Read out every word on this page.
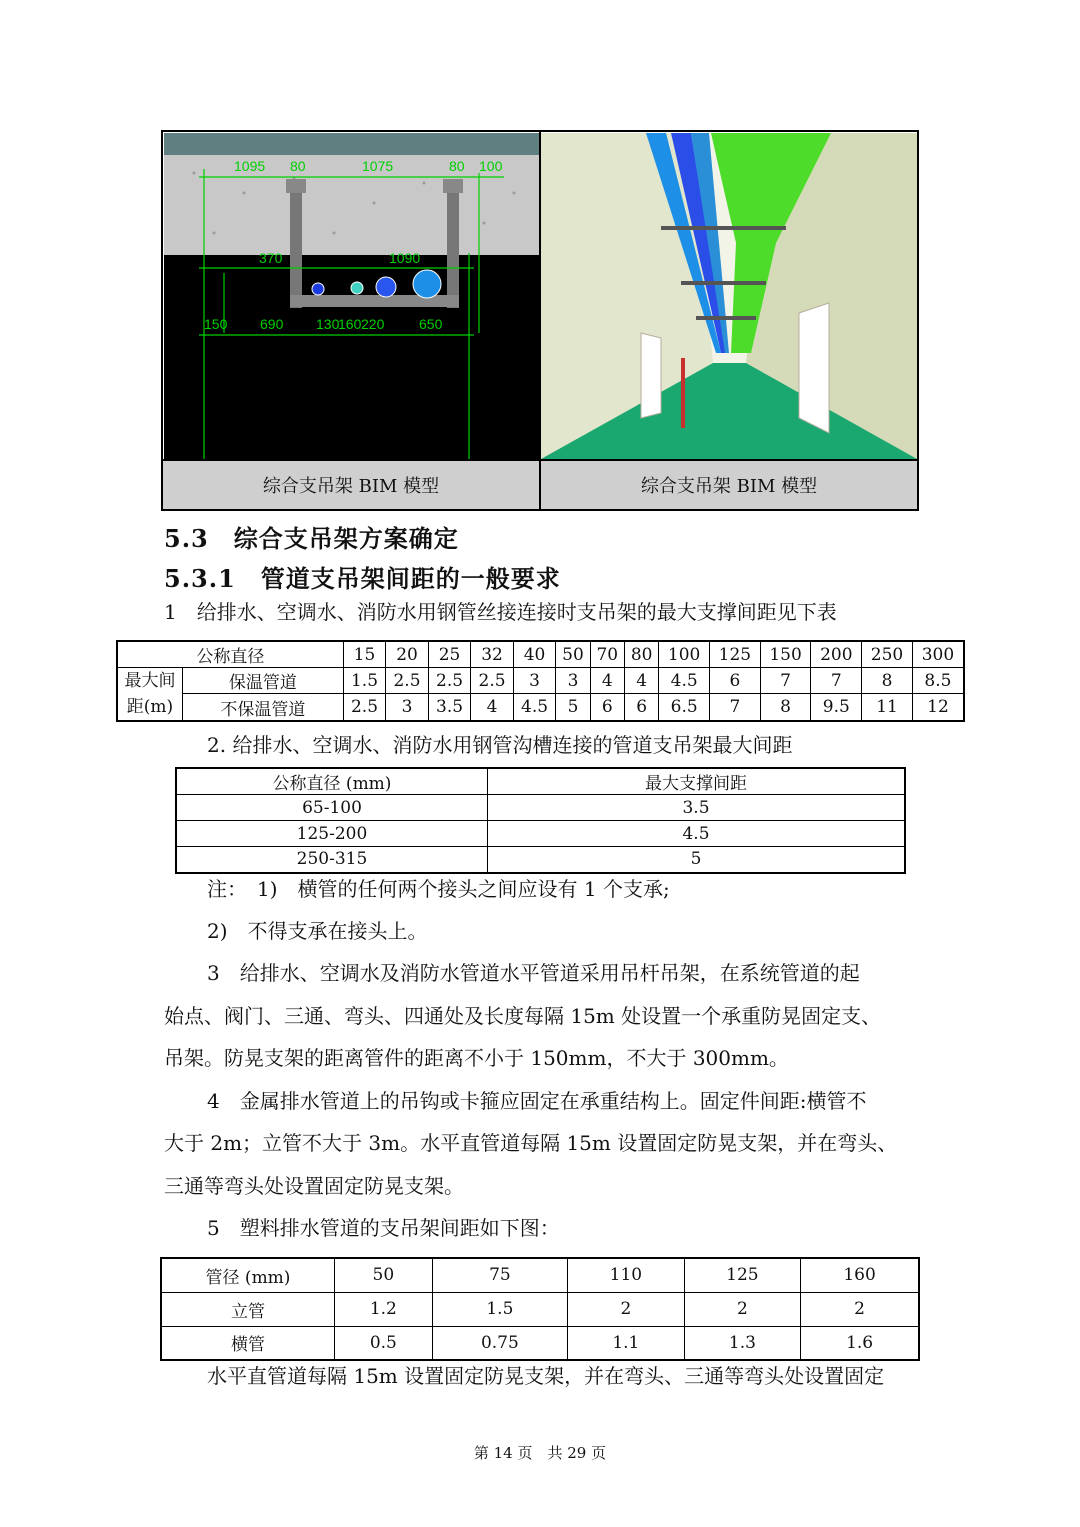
1095 80	1075	80 100
370	1090
150 690 130
160 220 650
综合支吊架 BIM 模型	综合支吊架 BIM 模型
5.3　综合支吊架方案确定
5.3.1　管道支吊架间距的一般要求
1　给排水、空调水、消防水用钢管丝接连接时支吊架的最大支撑间距见下表
公称直径		15	20	25	32	40	50	70	80	100	125	150	200	250	300

最大间
距(m)	保温管道	1.5	2.5	2.5	2.5	3	3	4	4	4.5	6	7	7	8	8.5
	不保温管道	2.5	3	3.5	4	4.5	5	6	6	6.5	7	8	9.5	11	12
2. 给排水、空调水、消防水用钢管沟槽连接的管道支吊架最大间距
公称直径 (mm)	最大支撑间距
65-100	3.5
125-200	4.5
250-315	5
注：　1)　横管的任何两个接头之间应设有 1 个支承;
2)　不得支承在接头上。
3　给排水、空调水及消防水管道水平管道采用吊杆吊架，在系统管道的起
始点、阀门、三通、弯头、四通处及长度每隔 15m 处设置一个承重防晃固定支、
吊架。防晃支架的距离管件的距离不小于 150mm，不大于 300mm。
4　金属排水管道上的吊钩或卡箍应固定在承重结构上。固定件间距:横管不
大于 2m；立管不大于 3m。水平直管道每隔 15m 设置固定防晃支架，并在弯头、
三通等弯头处设置固定防晃支架。
5　塑料排水管道的支吊架间距如下图：
管径 (mm)	50	75	110	125	160
立管	1.2	1.5	2	2	2
横管	0.5	0.75	1.1	1.3	1.6
水平直管道每隔 15m 设置固定防晃支架，并在弯头、三通等弯头处设置固定
第 14 页　共 29 页
